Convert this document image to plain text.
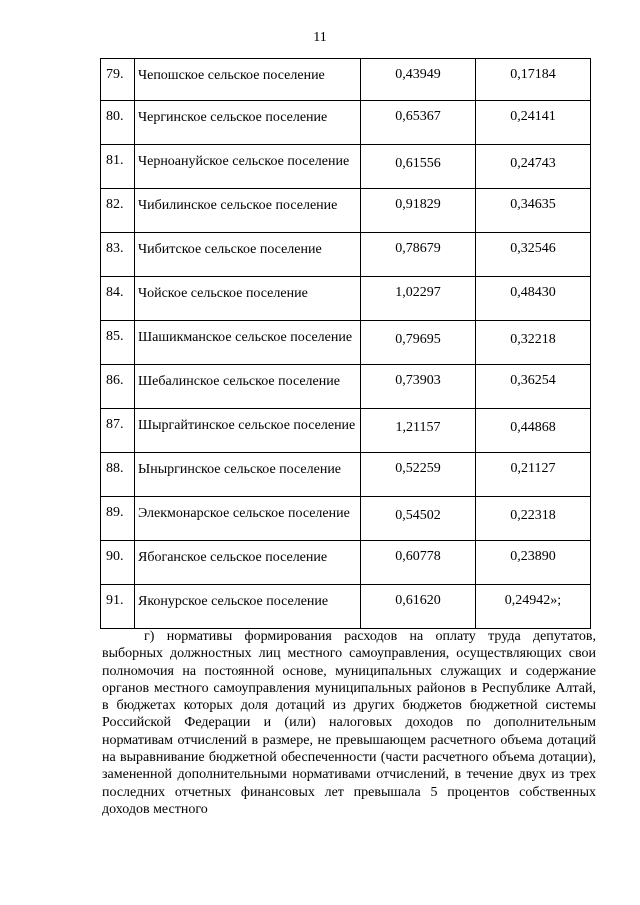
11
79.	Чепошское сельское поселение	0,43949	0,17184
80.	Чергинское сельское поселение	0,65367	0,24141
81.	Черноануйское сельское поселение	0,61556	0,24743
82.	Чибилинское сельское поселение	0,91829	0,34635
83.	Чибитское сельское поселение	0,78679	0,32546
84.	Чойское сельское поселение	1,02297	0,48430
85.	Шашикманское сельское поселение	0,79695	0,32218
86.	Шебалинское сельское поселение	0,73903	0,36254
87.	Шыргайтинское сельское поселение	1,21157	0,44868
88.	Ыныргинское сельское поселение	0,52259	0,21127
89.	Элекмонарское сельское поселение	0,54502	0,22318
90.	Ябоганское сельское поселение	0,60778	0,23890
91.	Яконурское сельское поселение	0,61620	0,24942»;
г) нормативы формирования расходов на оплату труда депутатов, выборных должностных лиц местного самоуправления, осуществляющих свои полномочия на постоянной основе, муниципальных служащих и содержание органов местного самоуправления муниципальных районов в Республике Алтай, в бюджетах которых доля дотаций из других бюджетов бюджетной системы Российской Федерации и (или) налоговых доходов по дополнительным нормативам отчислений в размере, не превышающем расчетного объема дотаций на выравнивание бюджетной обеспеченности (части расчетного объема дотации), замененной дополнительными нормативами отчислений, в течение двух из трех последних отчетных финансовых лет превышала 5 процентов собственных доходов местного
